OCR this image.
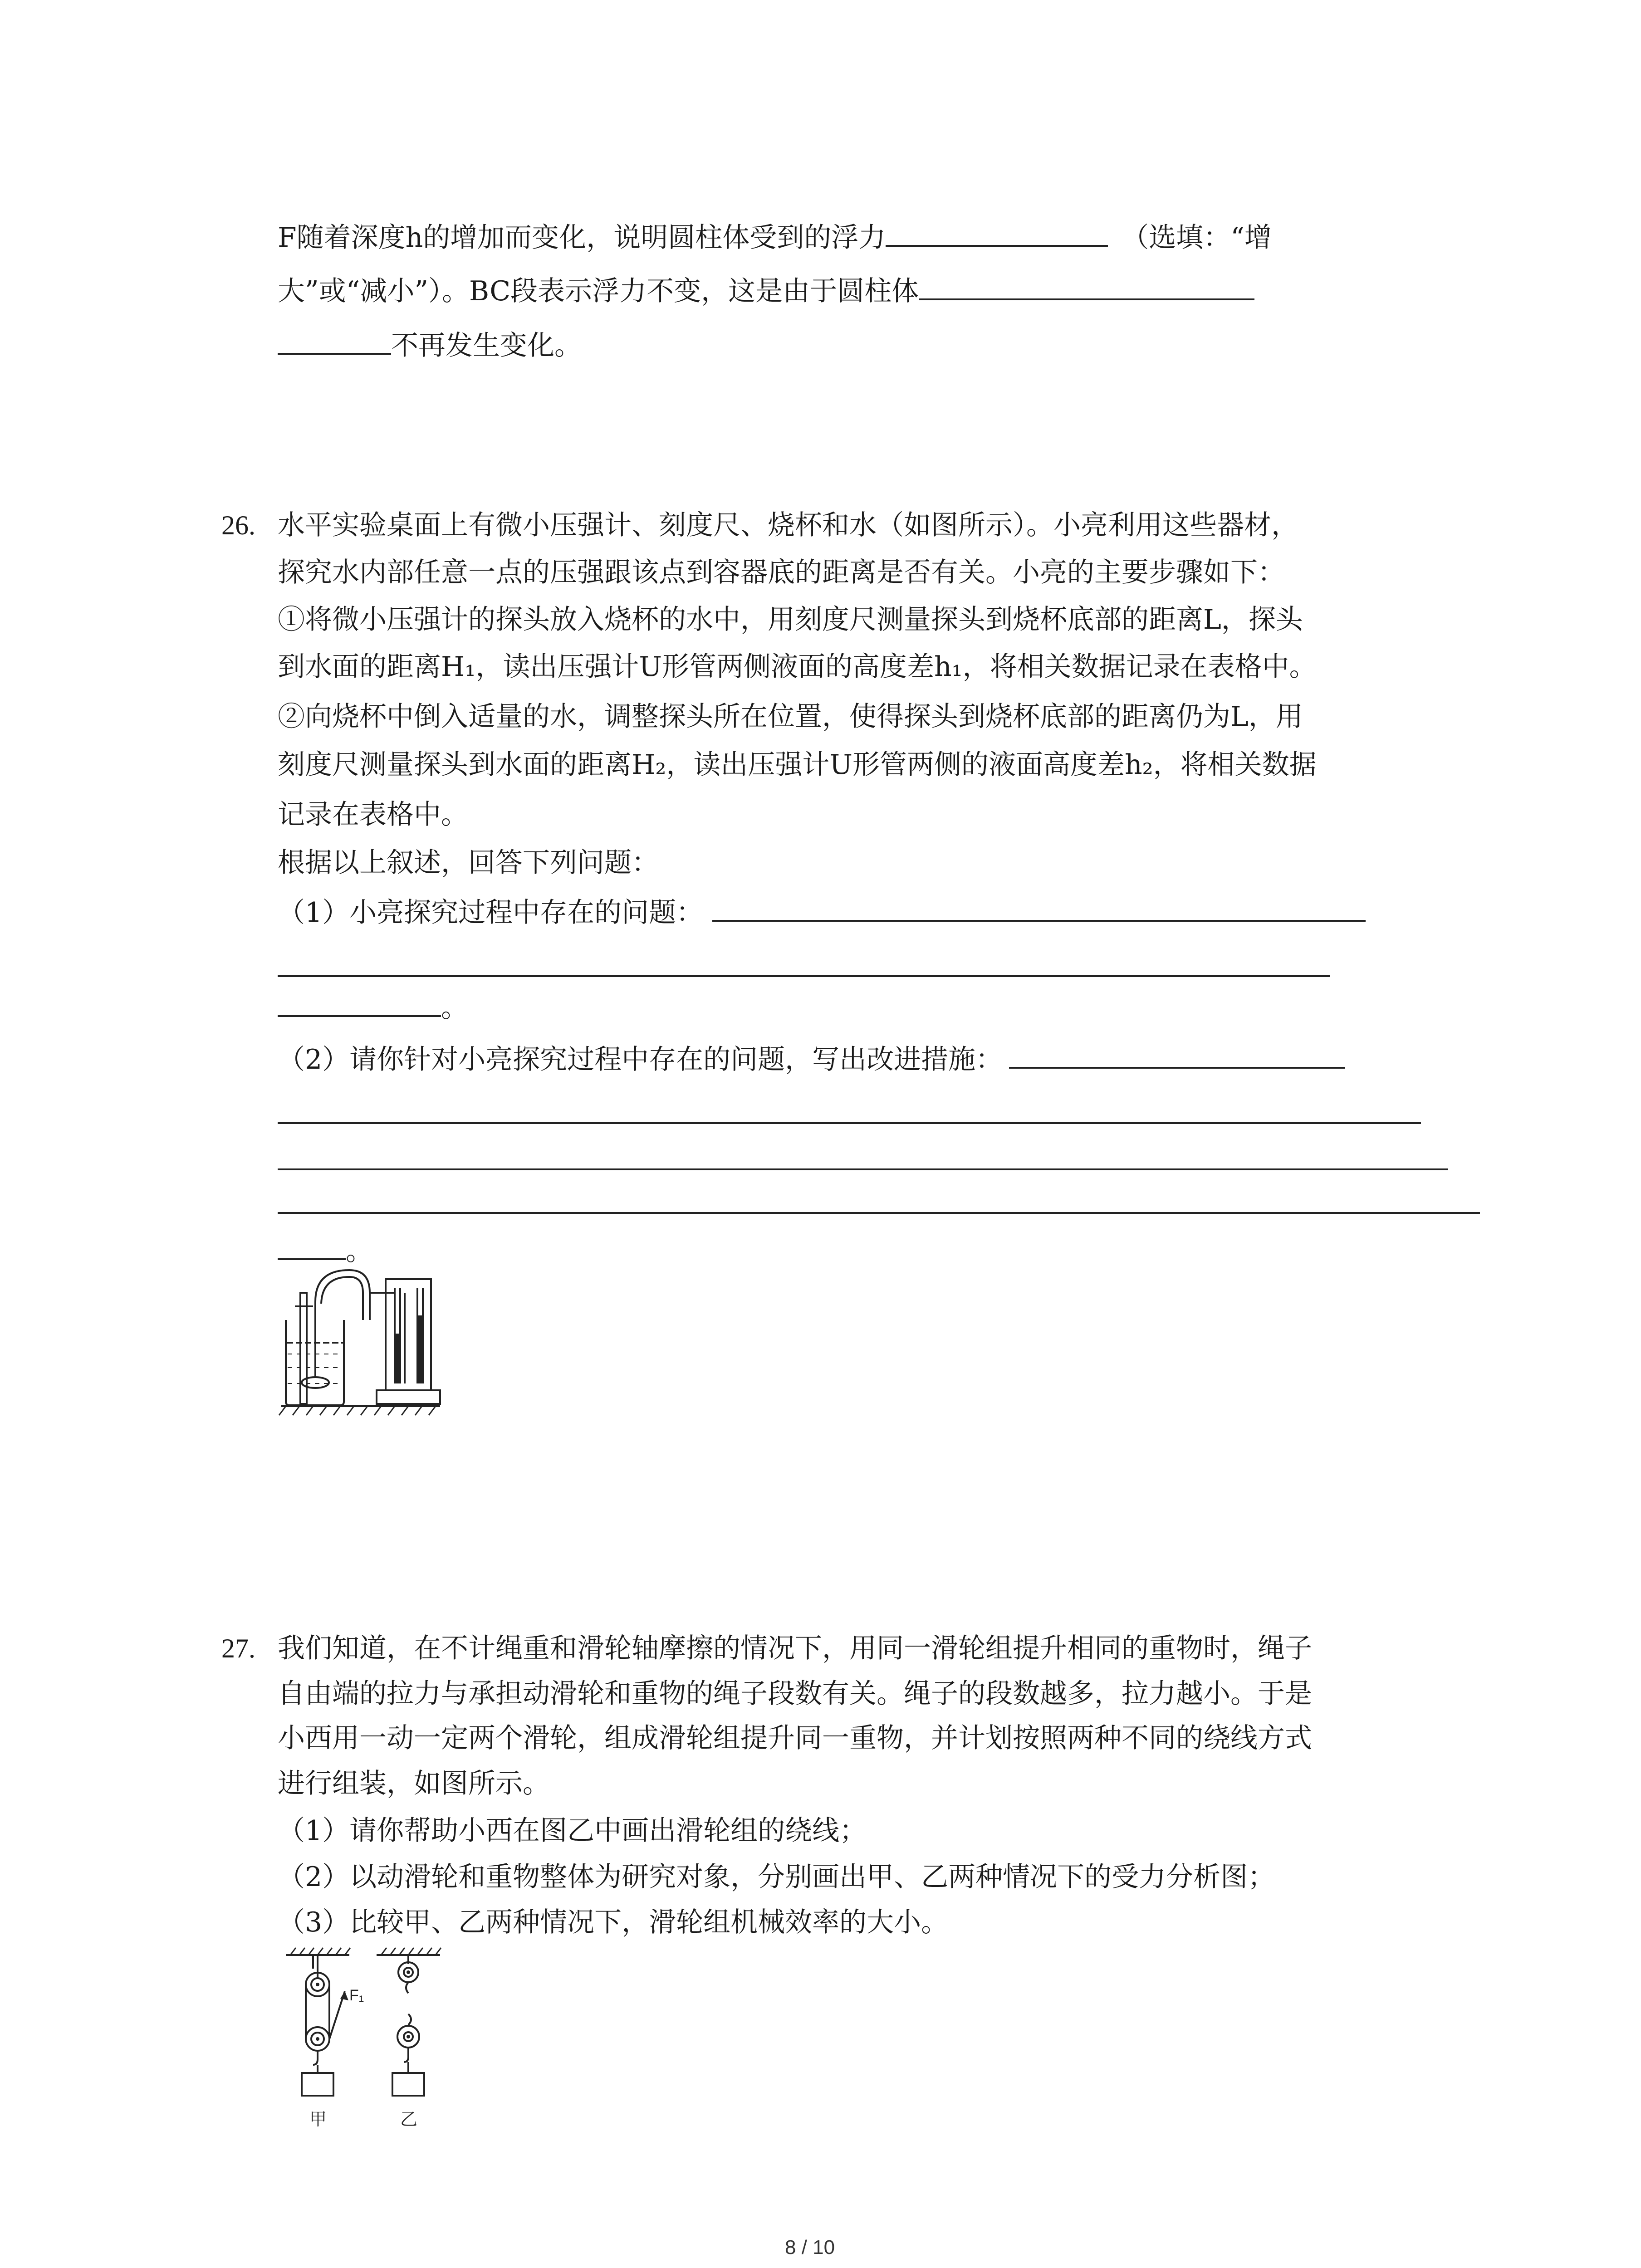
F随着深度h的增加而变化，说明圆柱体受到的浮力	（选填：“增
大”或“减小”）。BC段表示浮力不变，这是由于圆柱体
不再发生变化。
26. 水平实验桌面上有微小压强计、刻度尺、烧杯和水（如图所示）。小亮利用这些器材，
探究水内部任意一点的压强跟该点到容器底的距离是否有关。小亮的主要步骤如下：
①将微小压强计的探头放入烧杯的水中，用刻度尺测量探头到烧杯底部的距离L，探头
到水面的距离H₁，读出压强计U形管两侧液面的高度差h₁，将相关数据记录在表格中。
②向烧杯中倒入适量的水，调整探头所在位置，使得探头到烧杯底部的距离仍为L，用
刻度尺测量探头到水面的距离H₂，读出压强计U形管两侧的液面高度差h₂，将相关数据
记录在表格中。
根据以上叙述，回答下列问题：
（1）小亮探究过程中存在的问题：
。
（2）请你针对小亮探究过程中存在的问题，写出改进措施：
。
27. 我们知道，在不计绳重和滑轮轴摩擦的情况下，用同一滑轮组提升相同的重物时，绳子
自由端的拉力与承担动滑轮和重物的绳子段数有关。绳子的段数越多，拉力越小。于是
小西用一动一定两个滑轮，组成滑轮组提升同一重物，并计划按照两种不同的绕线方式
进行组装，如图所示。
（1）请你帮助小西在图乙中画出滑轮组的绕线；
（2）以动滑轮和重物整体为研究对象，分别画出甲、乙两种情况下的受力分析图；
（3）比较甲、乙两种情况下，滑轮组机械效率的大小。
F₁
甲	乙
8 / 10
